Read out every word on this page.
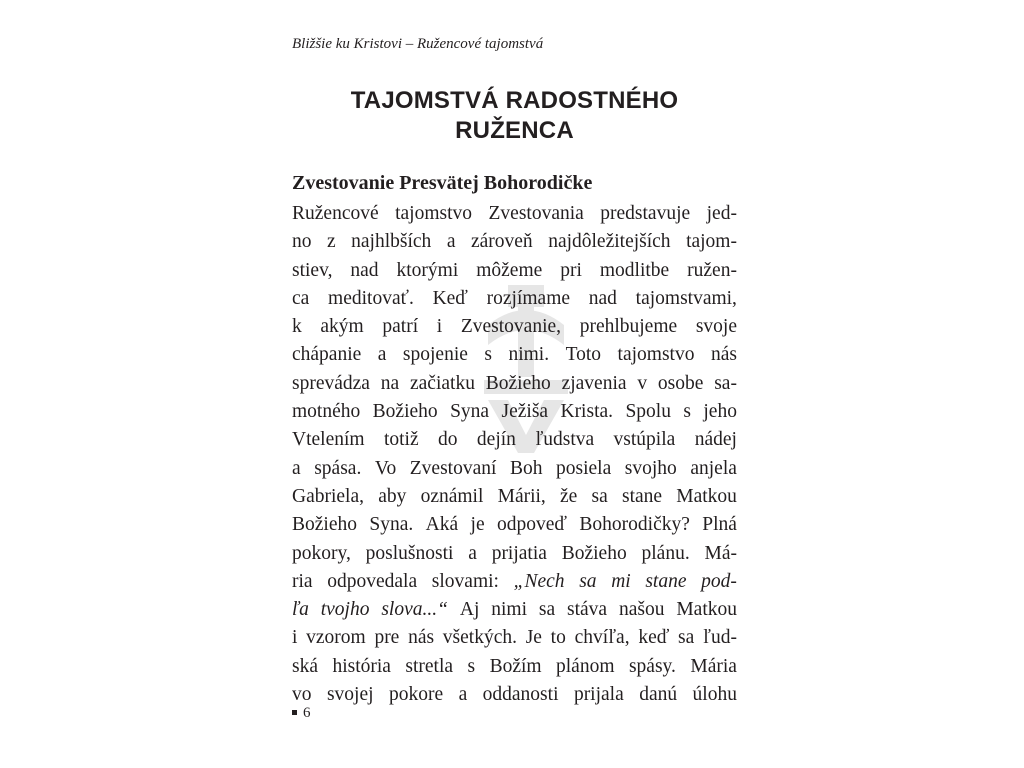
Bližšie ku Kristovi – Ružencové tajomstvá
TAJOMSTVÁ RADOSTNÉHO
RUŽENCA
Zvestovanie Presvätej Bohorodičke
Ružencové tajomstvo Zvestovania predstavuje jed-
no z najhlbších a zároveň najdôležitejších tajom-
stiev, nad ktorými môžeme pri modlitbe ružen-
ca meditovať. Keď rozjímame nad tajomstvami,
k akým patrí i Zvestovanie, prehlbujeme svoje
chápanie a spojenie s nimi. Toto tajomstvo nás
sprevádza na začiatku Božieho zjavenia v osobe sa-
motného Božieho Syna Ježiša Krista. Spolu s jeho
Vtelením totiž do dejín ľudstva vstúpila nádej
a spása. Vo Zvestovaní Boh posiela svojho anjela
Gabriela, aby oznámil Márii, že sa stane Matkou
Božieho Syna. Aká je odpoveď Bohorodičky? Plná
pokory, poslušnosti a prijatia Božieho plánu. Má-
ria odpovedala slovami: „Nech sa mi stane pod-
ľa tvojho slova...“ Aj nimi sa stáva našou Matkou
i vzorom pre nás všetkých. Je to chvíľa, keď sa ľud-
ská história stretla s Božím plánom spásy. Mária
vo svojej pokore a oddanosti prijala danú úlohu
6
